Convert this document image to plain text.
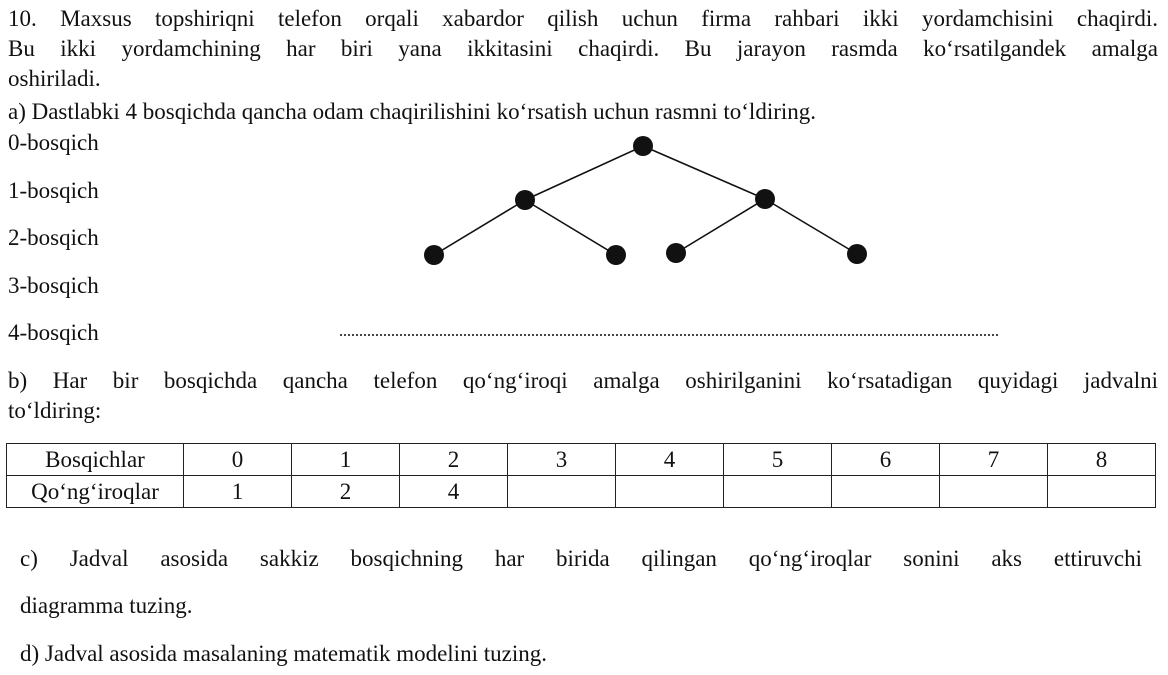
10. Maxsus topshiriqni telefon orqali xabardor qilish uchun firma rahbari ikki yordamchisini chaqirdi.
Bu ikki yordamchining har biri yana ikkitasini chaqirdi. Bu jarayon rasmda ko‘rsatilgandek amalga
oshiriladi.
a) Dastlabki 4 bosqichda qancha odam chaqirilishini ko‘rsatish uchun rasmni to‘ldiring.
0-bosqich
1-bosqich
2-bosqich
3-bosqich
4-bosqich
b) Har bir bosqichda qancha telefon qo‘ng‘iroqi amalga oshirilganini ko‘rsatadigan quyidagi jadvalni
to‘ldiring:
Bosqichlar	0	1	2	3	4	5	6	7	8
Qo‘ng‘iroqlar	1	2	4						
c) Jadval asosida sakkiz bosqichning har birida qilingan qo‘ng‘iroqlar sonini aks ettiruvchi
diagramma tuzing.
d) Jadval asosida masalaning matematik modelini tuzing.
